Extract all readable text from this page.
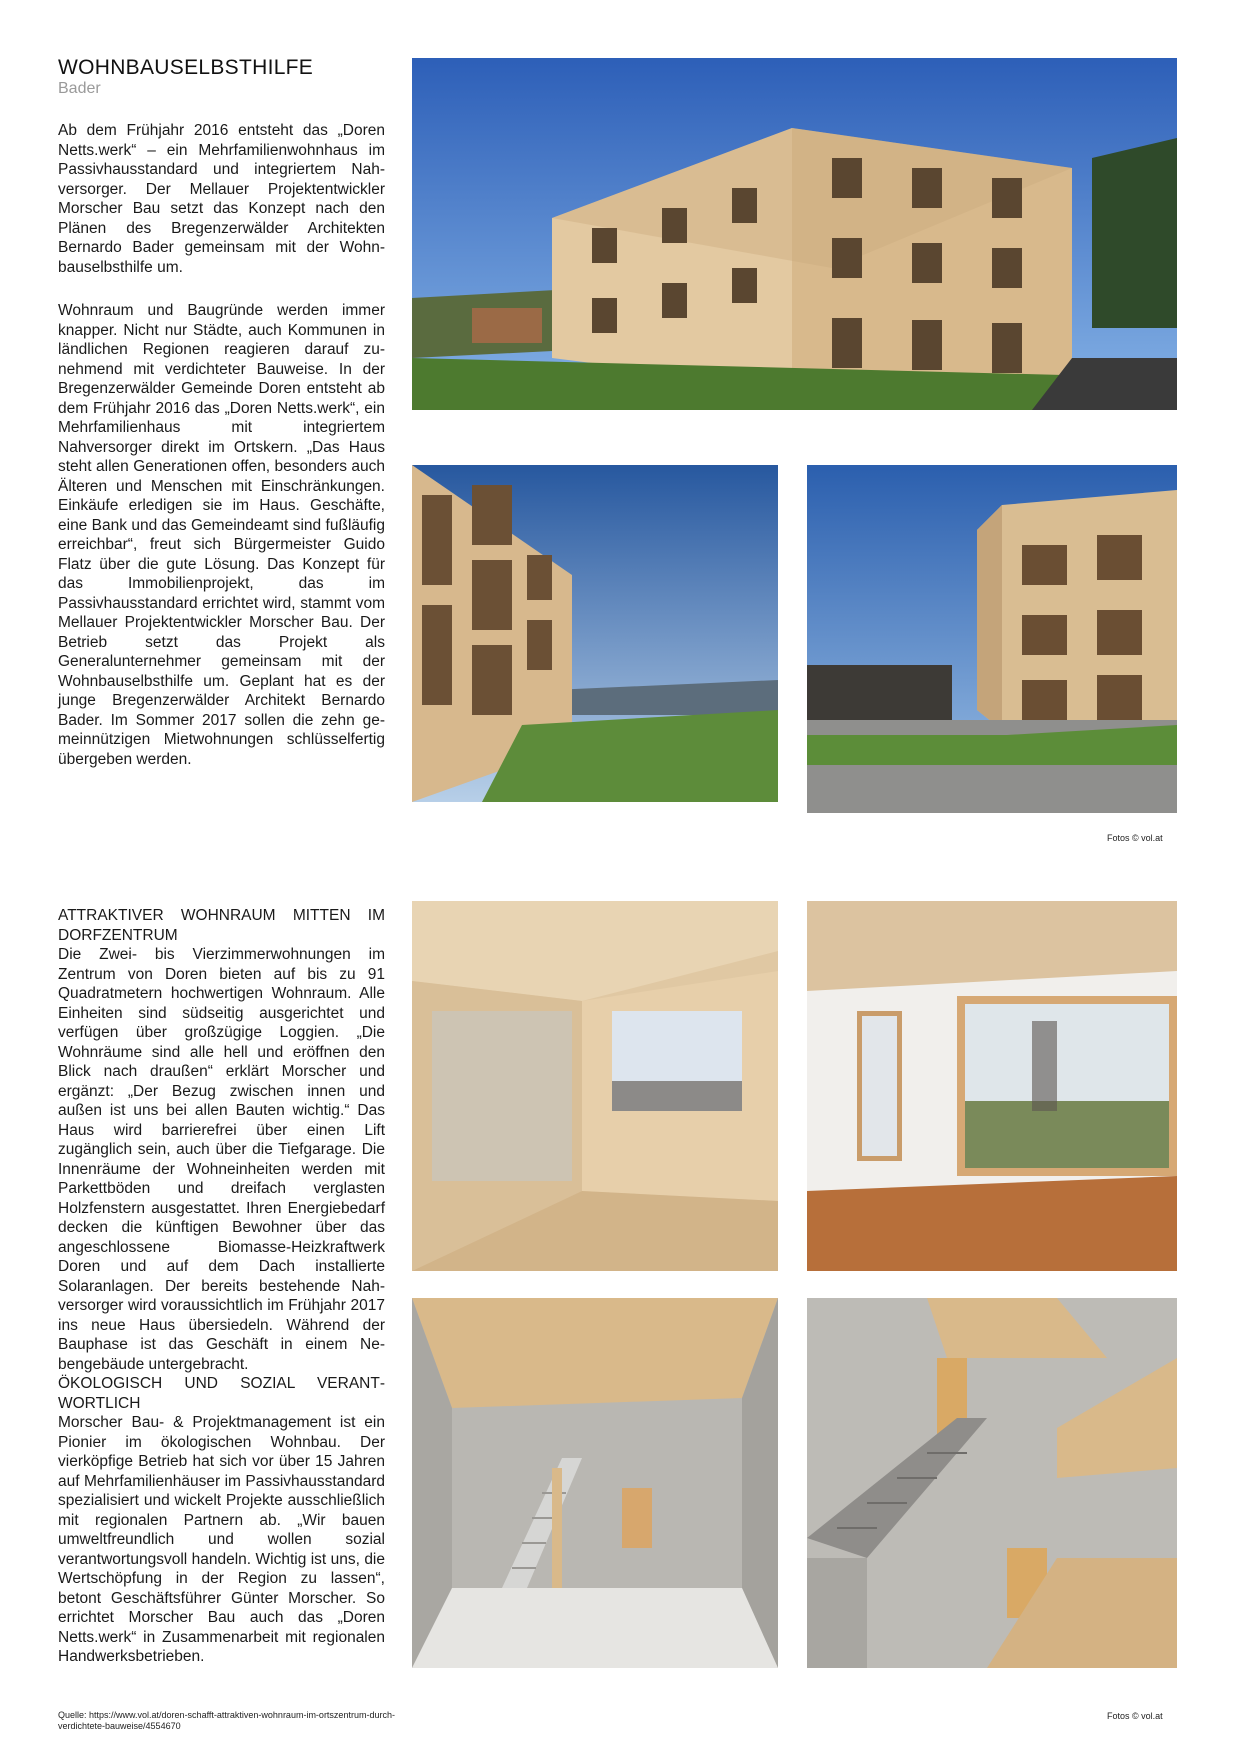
WOHNBAUSELBSTHILFE
Bader

Ab dem Frühjahr 2016 entsteht das „Doren Netts.werk“ – ein Mehrfamilienwohnhaus im Passivhausstandard und integriertem Nahversorger. Der Mellauer Projektentwickler Morscher Bau setzt das Konzept nach den Plänen des Bregenzerwälder Architekten Bernardo Bader gemeinsam mit der Wohnbauselbsthilfe um.

Wohnraum und Baugründe werden immer knapper. Nicht nur Städte, auch Kommunen in ländlichen Regionen reagieren darauf zunehmend mit verdichteter Bauweise. In der Bregenzerwälder Gemeinde Doren entsteht ab dem Frühjahr 2016 das „Doren Netts.werk“, ein Mehrfamilienhaus mit integriertem Nahversorger direkt im Ortskern. „Das Haus steht allen Generationen offen, besonders auch Älteren und Menschen mit Einschränkungen. Einkäufe erledigen sie im Haus. Geschäfte, eine Bank und das Gemeindeamt sind fußläufig erreichbar“, freut sich Bürgermeister Guido Flatz über die gute Lösung. Das Konzept für das Immobilienprojekt, das im Passivhausstandard errichtet wird, stammt vom Mellauer Projektentwickler Morscher Bau. Der Betrieb setzt das Projekt als Generalunternehmer gemeinsam mit der Wohnbauselbsthilfe um. Geplant hat es der junge Bregenzerwälder Architekt Bernardo Bader. Im Sommer 2017 sollen die zehn gemeinnützigen Mietwohnungen schlüsselfertig übergeben werden.

ATTRAKTIVER WOHNRAUM MITTEN IM DORFZENTRUM

Die Zwei- bis Vierzimmerwohnungen im Zentrum von Doren bieten auf bis zu 91 Quadratmetern hochwertigen Wohnraum. Alle Einheiten sind südseitig ausgerichtet und verfügen über großzügige Loggien. „Die Wohnräume sind alle hell und eröffnen den Blick nach draußen“ erklärt Morscher und ergänzt: „Der Bezug zwischen innen und außen ist uns bei allen Bauten wichtig.“ Das Haus wird barrierefrei über einen Lift zugänglich sein, auch über die Tiefgarage. Die Innenräume der Wohneinheiten werden mit Parkettböden und dreifach verglasten Holzfenstern ausgestattet. Ihren Energiebedarf decken die künftigen Bewohner über das angeschlossene Biomasse-Heizkraftwerk Doren und auf dem Dach installierte Solaranlagen. Der bereits bestehende Nahversorger wird voraussichtlich im Frühjahr 2017 ins neue Haus übersiedeln. Während der Bauphase ist das Geschäft in einem Nebengebäude untergebracht.

ÖKOLOGISCH UND SOZIAL VERANTWORTLICH

Morscher Bau- & Projektmanagement ist ein Pionier im ökologischen Wohnbau. Der vierköpfige Betrieb hat sich vor über 15 Jahren auf Mehrfamilienhäuser im Passivhausstandard spezialisiert und wickelt Projekte ausschließlich mit regionalen Partnern ab. „Wir bauen umweltfreundlich und wollen sozial verantwortungsvoll handeln. Wichtig ist uns, die Wertschöpfung in der Region zu lassen“, betont Geschäftsführer Günter Morscher. So errichtet Morscher Bau auch das „Doren Netts.werk“ in Zusammenarbeit mit regionalen Handwerksbetrieben.

Fotos © vol.at
Quelle: https://www.vol.at/doren-schafft-attraktiven-wohnraum-im-ortszentrum-durch-verdichtete-bauweise/4554670
Fotos © vol.at
